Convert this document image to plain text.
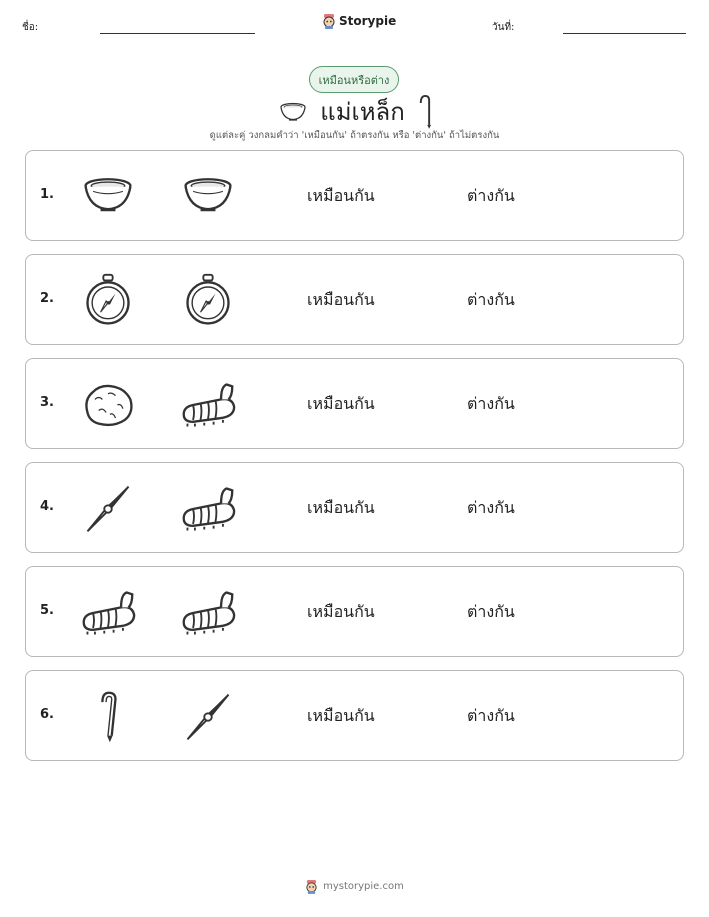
ชื่อ:	Storypie	วันที่:
เหมือนหรือต่าง
แม่เหล็ก
ดูแต่ละคู่ วงกลมคำว่า 'เหมือนกัน' ถ้าตรงกัน หรือ 'ต่างกัน' ถ้าไม่ตรงกัน
1.	เหมือนกัน	ต่างกัน
2.	เหมือนกัน	ต่างกัน
3.	เหมือนกัน	ต่างกัน
4.	เหมือนกัน	ต่างกัน
5.	เหมือนกัน	ต่างกัน
6.	เหมือนกัน	ต่างกัน
mystorypie.com
